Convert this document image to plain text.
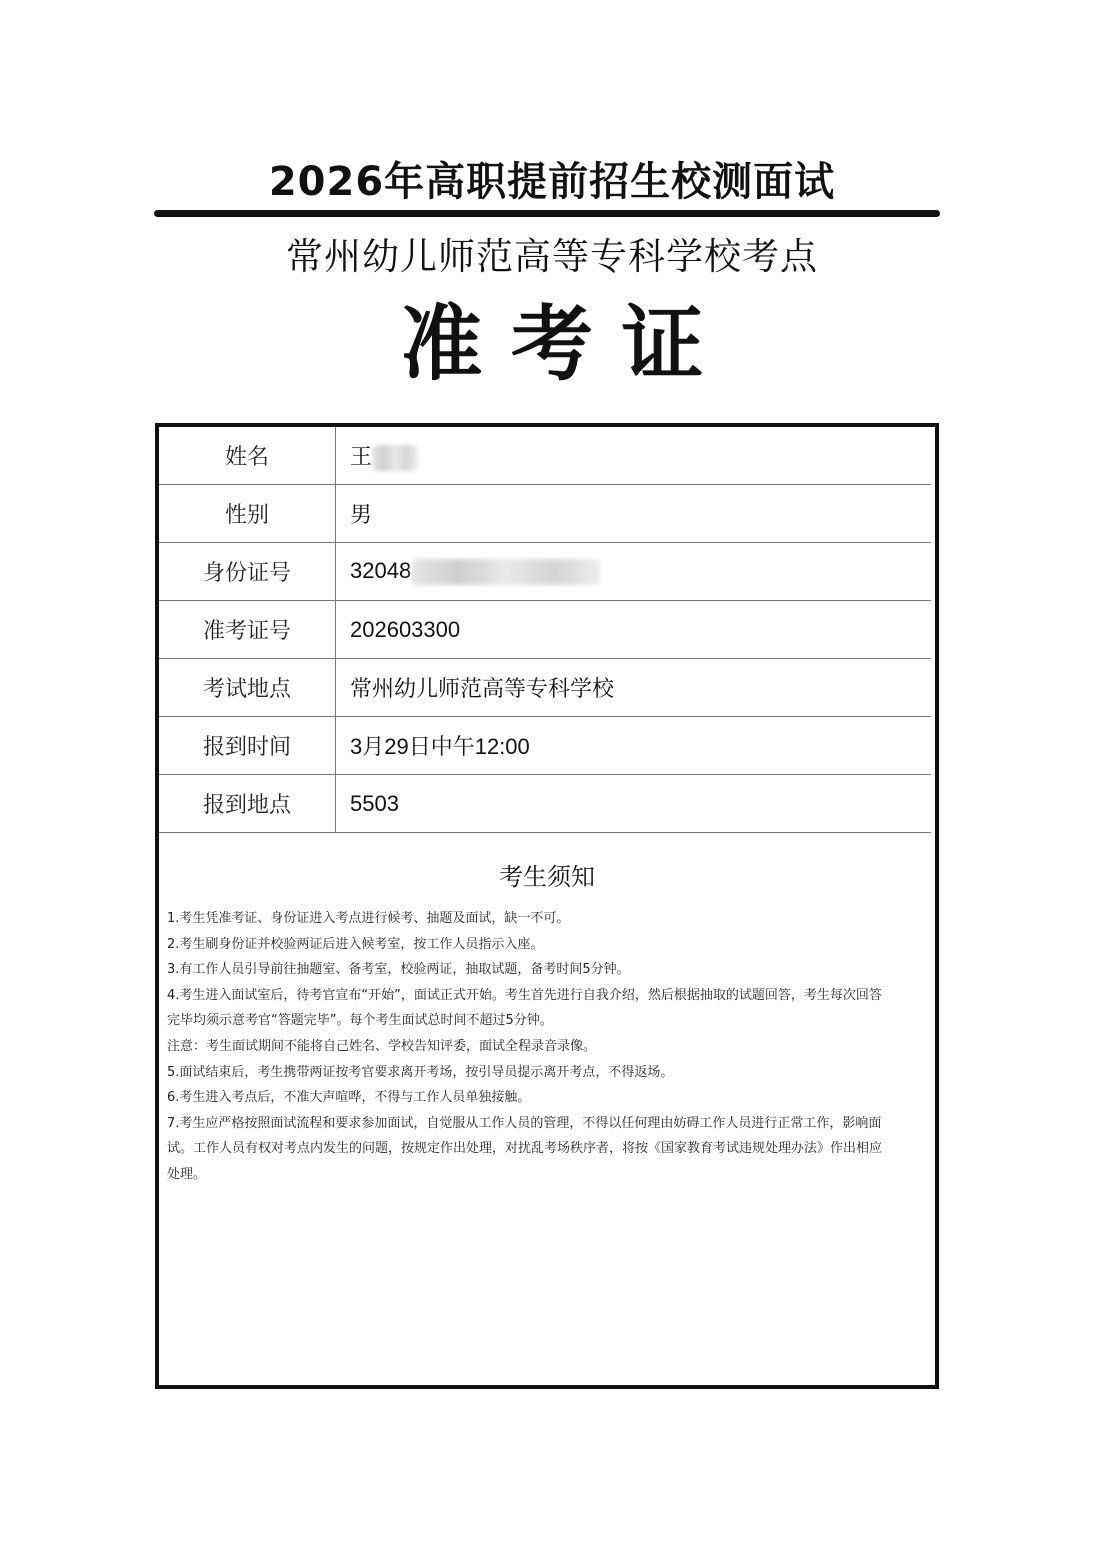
2026年高职提前招生校测面试
常州幼儿师范高等专科学校考点
准 考 证
姓名	王
性别	男
身份证号	32048
准考证号	202603300
考试地点	常州幼儿师范高等专科学校
报到时间	3月29日中午12:00
报到地点	5503
考生须知

1.考生凭准考证、身份证进入考点进行候考、抽题及面试，缺一不可。

2.考生刷身份证并校验两证后进入候考室，按工作人员指示入座。

3.有工作人员引导前往抽题室、备考室，校验两证，抽取试题，备考时间5分钟。

4.考生进入面试室后，待考官宣布“开始”，面试正式开始。考生首先进行自我介绍，然后根据抽取的试题回答，考生每次回答完毕均须示意考官“答题完毕”。每个考生面试总时间不超过5分钟。

注意：考生面试期间不能将自己姓名、学校告知评委，面试全程录音录像。

5.面试结束后，考生携带两证按考官要求离开考场，按引导员提示离开考点，不得返场。

6.考生进入考点后，不准大声喧哗，不得与工作人员单独接触。

7.考生应严格按照面试流程和要求参加面试，自觉服从工作人员的管理，不得以任何理由妨碍工作人员进行正常工作，影响面试。工作人员有权对考点内发生的问题，按规定作出处理，对扰乱考场秩序者，将按《国家教育考试违规处理办法》作出相应处理。
